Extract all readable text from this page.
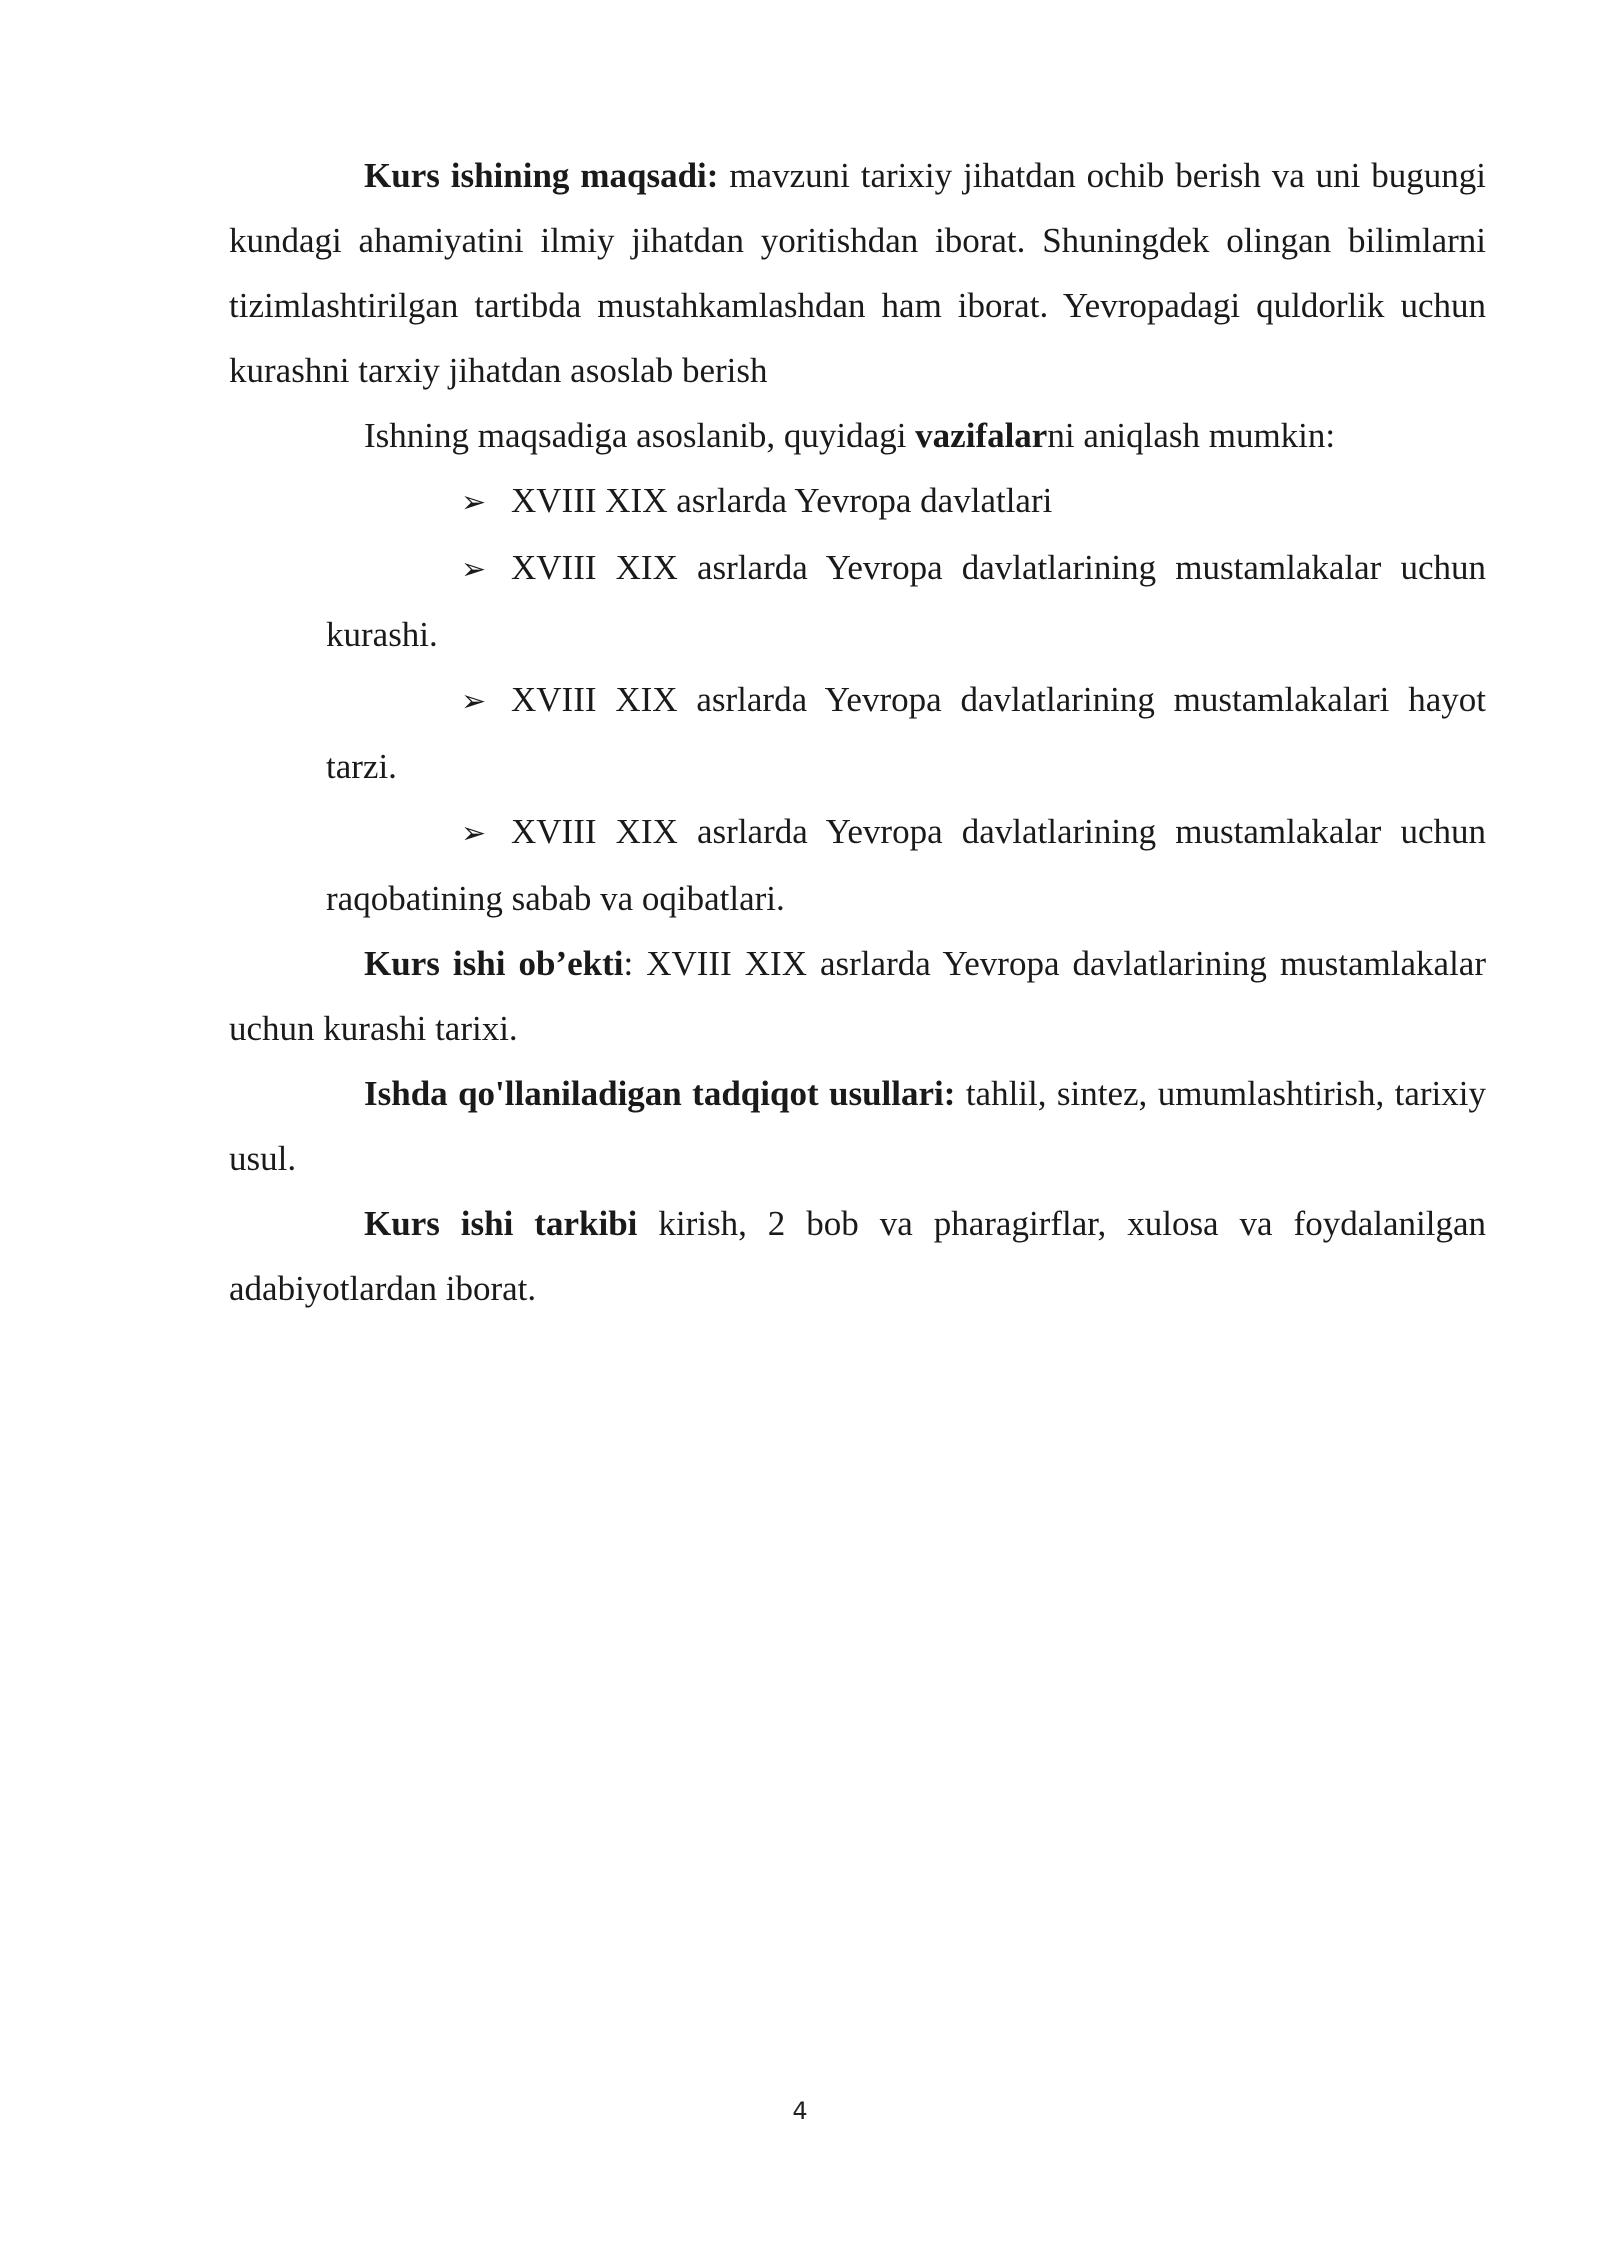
Kurs ishining maqsadi: mavzuni tarixiy jihatdan ochib berish va uni bugungi kundagi ahamiyatini ilmiy jihatdan yoritishdan iborat. Shuningdek olingan bilimlarni tizimlashtirilgan tartibda mustahkamlashdan ham iborat. Yevropadagi quldorlik uchun kurashni tarxiy jihatdan asoslab berish

Ishning maqsadiga asoslanib, quyidagi vazifalarni aniqlash mumkin:

➢ XVIII XIX asrlarda Yevropa davlatlari

➢ XVIII XIX asrlarda Yevropa davlatlarining mustamlakalar uchun kurashi.

➢ XVIII XIX asrlarda Yevropa davlatlarining mustamlakalari hayot tarzi.

➢ XVIII XIX asrlarda Yevropa davlatlarining mustamlakalar uchun raqobatining sabab va oqibatlari.

Kurs ishi ob’ekti: XVIII XIX asrlarda Yevropa davlatlarining mustamlakalar uchun kurashi tarixi.

Ishda qo'llaniladigan tadqiqot usullari: tahlil, sintez, umumlashtirish, tarixiy usul.

Kurs ishi tarkibi kirish, 2 bob va pharagirflar, xulosa va foydalanilgan adabiyotlardan iborat.

4
